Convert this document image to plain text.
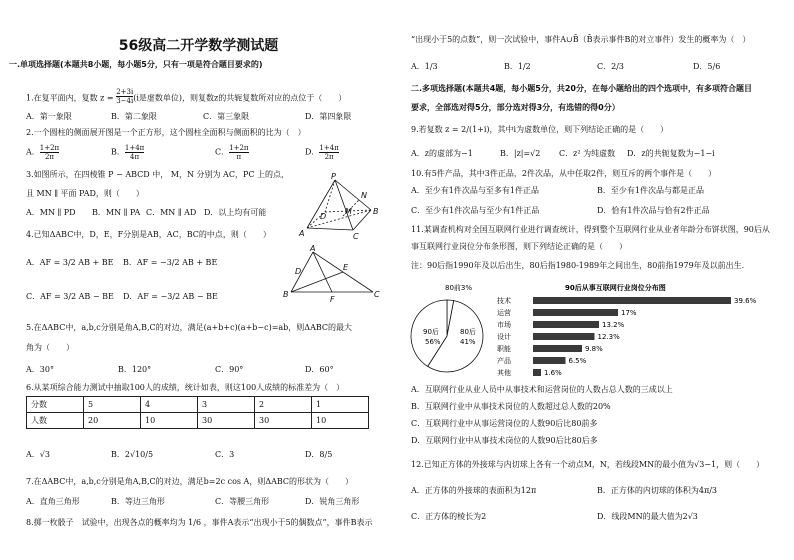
56级高二开学数学测试题
一.单项选择题(本题共8小题，每小题5分，只有一项是符合题目要求的)
1.在复平面内，复数 $z = \frac{2+3i}{3-4i} (i$是虚数单位)，则复数z的共轭复数所对应的点位于（　　）
A．第一象限	B．第二象限	C．第三象限	D．第四象限
2.一个圆柱的侧面展开图是一个正方形，这个圆柱全面积与侧面积的比为（　）
A． $\frac{1+2\pi}{2\pi}$	B． $\frac{1+4\pi}{4\pi}$	C． $\frac{1+2\pi}{\pi}$	D． $\frac{1+4\pi}{2\pi}$
3.如图所示，在四棱锥 P − ABCD 中， M，N 分别为 AC，PC 上的点，
且 MN ∥ 平面 PAD，则（　　）
A．MN ∥ PD B．MN ∥ PA C．MN ∥ AD D．以上均有可能
P
N
M
D
B
A	C
4.已知ΔABC中，D，E，F分别是AB，AC，BC的中点，则（　　）
A．AF = 3/2 AB + BE B．AF = −3/2 AB + BE
C．AF = 3/2 AB − BE D．AF = −3/2 AB − BE
A
D	E
B
F
C
5.在ΔABC中，a,b,c分别是角A,B,C的对边，满足(a+b+c)(a+b−c)=ab，则ΔABC的最大
角为（　　）
A．30°	B．120°	C．90°	D．60°
6.从某项综合能力测试中抽取100人的成绩，统计如表，则这100人成绩的标准差为（　）
分数	5	4	3	2	1
人数	20	10	30	30	10
A．√3	B．2√10/5	C．3	D．8/5
7.在ΔABC中，a,b,c分别是角A,B,C的对边，满足b=2c cos A，则ΔABC的形状为（　　）
A．直角三角形	B．等边三角形	C．等腰三角形	D．锐角三角形
8.掷一枚骰子　试验中，出现各点的概率均为 1/6 ，事件A表示“出现小于5的偶数点”，事件B表示
“出现小于5的点数”，则一次试验中，事件A∪B̄（B̄表示事件B的对立事件）发生的概率为（　）
A．1/3	B．1/2	C．2/3	D．5/6
二.多项选择题(本题共4题，每小题5分，共20分，在每小题给出的四个选项中，有多项符合题目
要求，全部选对得5分，部分选对得3分，有选错的得0分）
9.若复数 z = 2/(1+i)，其中i为虚数单位，则下列结论正确的是（　　）
A．z的虚部为−1	B．|z|=√2 C．z² 为纯虚数 D．z的共轭复数为−1−i
10.有5件产品，其中3件正品，2件次品，从中任取2件，则互斥的两个事件是（　　）
A．至少有1件次品与至多有1件正品	B．至少有1件次品与都是正品
C．至少有1件次品与至少有1件正品	D．恰有1件次品与恰有2件正品
11.某调查机构对全国互联网行业进行调查统计，得到整个互联网行业从业者年龄分布饼状图，90后从
事互联网行业岗位分布条形图，则下列结论正确的是（　　）
注：90后指1990年及以后出生，80后指1980-1989年之间出生，80前指1979年及以前出生.
80前3%
90后
56%
80后
41%
90后从事互联网行业岗位分布图
技术	39.6%
运营	17%
市场	13.2%
设计	12.3%
职能	9.8%
产品	6.5%
其他	1.6%
A．互联网行业从业人员中从事技术和运营岗位的人数占总人数的三成以上
B．互联网行业中从事技术岗位的人数超过总人数的20%
C．互联网行业中从事运营岗位的人数90后比80前多
D．互联网行业中从事技术岗位的人数90后比80后多
12.已知正方体的外接球与内切球上各有一个动点M，N，若线段MN的最小值为√3−1，则（　　）
A．正方体的外接球的表面积为12π	B．正方体的内切球的体积为4π/3
C．正方体的棱长为2	D．线段MN的最大值为2√3
